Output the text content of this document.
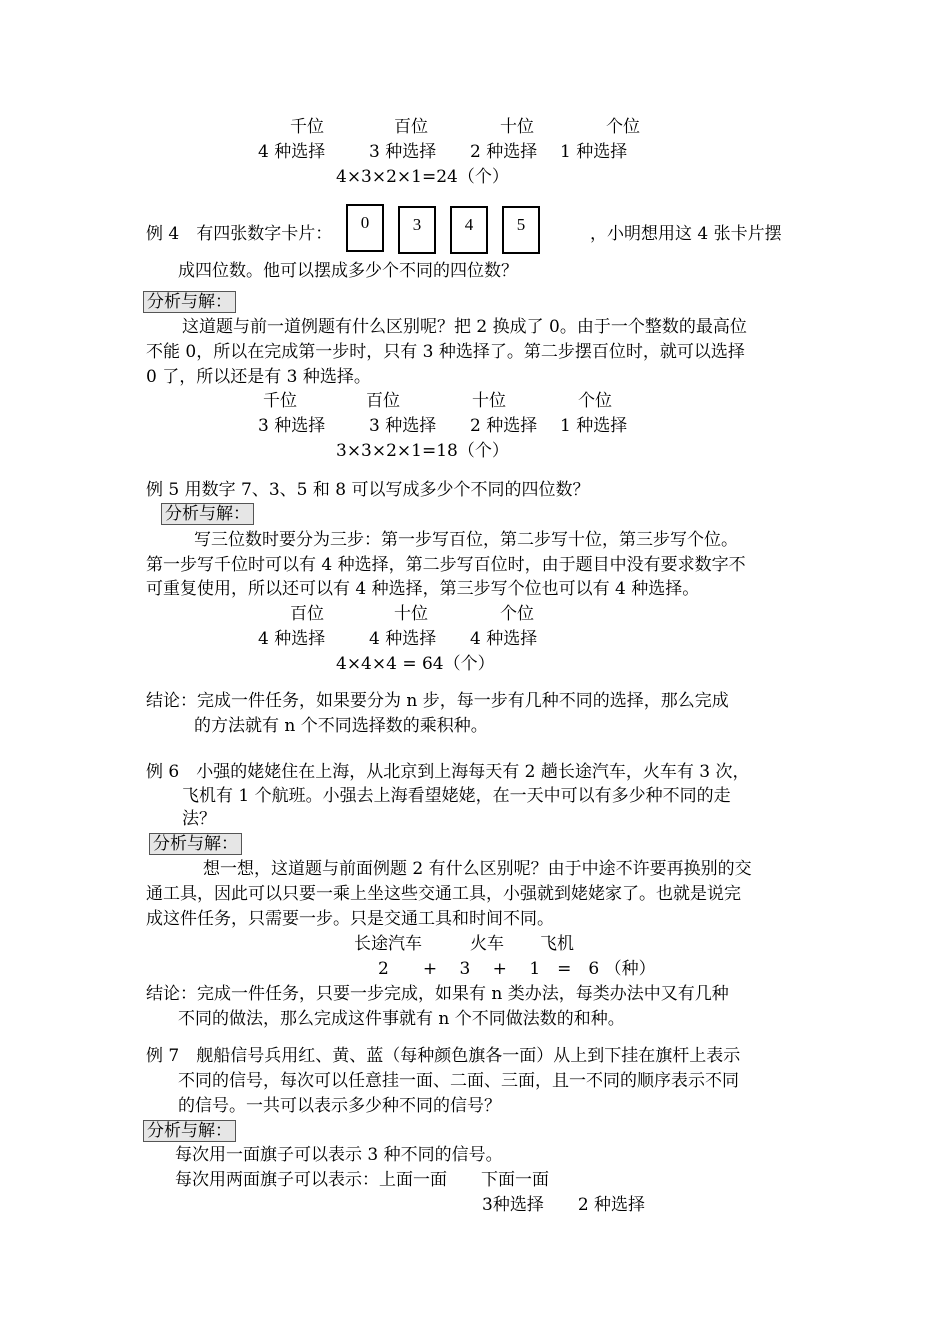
千位	百位	十位	个位
4 种选择	3 种选择 2 种选择 1 种选择
4×3×2×1=24（个）
例 4　有四张数字卡片：
0	3	4	5	，小明想用这 4 张卡片摆
成四位数。他可以摆成多少个不同的四位数？
分析与解：
这道题与前一道例题有什么区别呢？把 2 换成了 0。由于一个整数的最高位
不能 0，所以在完成第一步时，只有 3 种选择了。第二步摆百位时，就可以选择
0 了，所以还是有 3 种选择。
千位	百位	十位	个位
3 种选择	3 种选择 2 种选择 1 种选择
3×3×2×1=18（个）
例 5 用数字 7、3、5 和 8 可以写成多少个不同的四位数？
分析与解：
写三位数时要分为三步：第一步写百位，第二步写十位，第三步写个位。
第一步写千位时可以有 4 种选择，第二步写百位时，由于题目中没有要求数字不
可重复使用，所以还可以有 4 种选择，第三步写个位也可以有 4 种选择。
百位	十位	个位
4 种选择	4 种选择 4 种选择
4×4×4 = 64（个）
结论：完成一件任务，如果要分为 n 步，每一步有几种不同的选择，那么完成
的方法就有 n 个不同选择数的乘积种。
例 6　小强的姥姥住在上海，从北京到上海每天有 2 趟长途汽车，火车有 3 次，
飞机有 1 个航班。小强去上海看望姥姥，在一天中可以有多少种不同的走
法？
分析与解：
想一想，这道题与前面例题 2 有什么区别呢？由于中途不许要再换别的交
通工具，因此可以只要一乘上坐这些交通工具，小强就到姥姥家了。也就是说完
成这件任务，只需要一步。只是交通工具和时间不同。
长途汽车	火车 飞机
2　　+　 3　 +　 1　=　6 （种）
结论：完成一件任务，只要一步完成，如果有 n 类办法，每类办法中又有几种
不同的做法，那么完成这件事就有 n 个不同做法数的和种。
例 7　舰船信号兵用红、黄、蓝（每种颜色旗各一面）从上到下挂在旗杆上表示
不同的信号，每次可以任意挂一面、二面、三面，且一不同的顺序表示不同
的信号。一共可以表示多少种不同的信号？
分析与解：
每次用一面旗子可以表示 3 种不同的信号。
每次用两面旗子可以表示：上面一面　　下面一面
3种选择　　2 种选择
